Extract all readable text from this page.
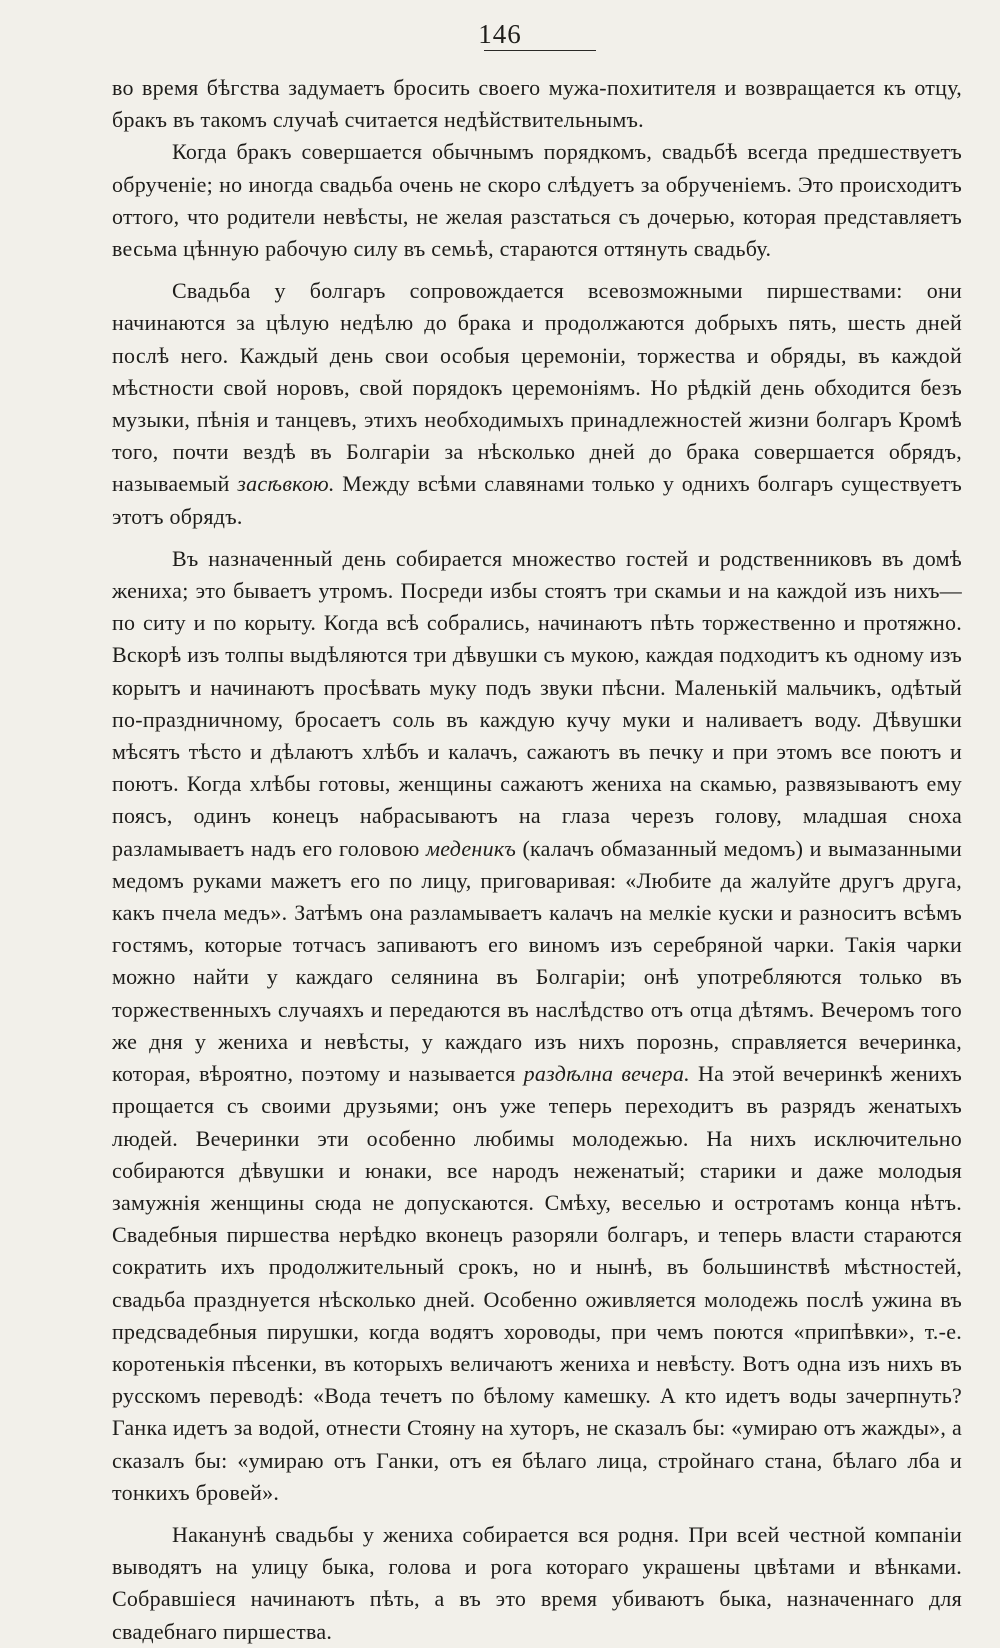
146

во время бѣгства задумаетъ бросить своего мужа-похитителя и возвращается къ отцу, бракъ въ такомъ случаѣ считается недѣйствительнымъ.

Когда бракъ совершается обычнымъ порядкомъ, свадьбѣ всегда предшествуетъ обрученіе; но иногда свадьба очень не скоро слѣдуетъ за обрученіемъ. Это происходитъ оттого, что родители невѣсты, не желая разстаться съ дочерью, которая представляетъ весьма цѣнную рабочую силу въ семьѣ, стараются оттянуть свадьбу.

Свадьба у болгаръ сопровождается всевозможными пиршествами: они начинаются за цѣлую недѣлю до брака и продолжаются добрыхъ пять, шесть дней послѣ него. Каждый день свои особыя церемоніи, торжества и обряды, въ каждой мѣстности свой норовъ, свой порядокъ церемоніямъ. Но рѣдкій день обходится безъ музыки, пѣнія и танцевъ, этихъ необходимыхъ принадлежностей жизни болгаръ Кромѣ того, почти вездѣ въ Болгаріи за нѣсколько дней до брака совершается обрядъ, называемый засѣвкою. Между всѣми славянами только у однихъ болгаръ существуетъ этотъ обрядъ.

Въ назначенный день собирается множество гостей и родственниковъ въ домѣ жениха; это бываетъ утромъ. Посреди избы стоятъ три скамьи и на каждой изъ нихъ—по ситу и по корыту. Когда всѣ собрались, начинаютъ пѣть торжественно и протяжно. Вскорѣ изъ толпы выдѣляются три дѣвушки съ мукою, каждая подходитъ къ одному изъ корытъ и начинаютъ просѣвать муку подъ звуки пѣсни. Маленькій мальчикъ, одѣтый по-праздничному, бросаетъ соль въ каждую кучу муки и наливаетъ воду. Дѣвушки мѣсятъ тѣсто и дѣлаютъ хлѣбъ и калачъ, сажаютъ въ печку и при этомъ все поютъ и поютъ. Когда хлѣбы готовы, женщины сажаютъ жениха на скамью, развязываютъ ему поясъ, одинъ конецъ набрасываютъ на глаза черезъ голову, младшая сноха разламываетъ надъ его головою меденикъ (калачъ обмазанный медомъ) и вымазанными медомъ руками мажетъ его по лицу, приговаривая: «Любите да жалуйте другъ друга, какъ пчела медъ». Затѣмъ она разламываетъ калачъ на мелкіе куски и разноситъ всѣмъ гостямъ, которые тотчасъ запиваютъ его виномъ изъ серебряной чарки. Такія чарки можно найти у каждаго селянина въ Болгаріи; онѣ употребляются только въ торжественныхъ случаяхъ и передаются въ наслѣдство отъ отца дѣтямъ. Вечеромъ того же дня у жениха и невѣсты, у каждаго изъ нихъ порознь, справляется вечеринка, которая, вѣроятно, поэтому и называется раздѣлна вечера. На этой вечеринкѣ женихъ прощается съ своими друзьями; онъ уже теперь переходитъ въ разрядъ женатыхъ людей. Вечеринки эти особенно любимы молодежью. На нихъ исключительно собираются дѣвушки и юнаки, все народъ неженатый; старики и даже молодыя замужнія женщины сюда не допускаются. Смѣху, веселью и остротамъ конца нѣтъ. Свадебныя пиршества нерѣдко вконецъ разоряли болгаръ, и теперь власти стараются сократить ихъ продолжительный срокъ, но и нынѣ, въ большинствѣ мѣстностей, свадьба празднуется нѣсколько дней. Особенно оживляется молодежь послѣ ужина въ предсвадебныя пирушки, когда водятъ хороводы, при чемъ поются «припѣвки», т.-е. коротенькія пѣсенки, въ которыхъ величаютъ жениха и невѣсту. Вотъ одна изъ нихъ въ русскомъ переводѣ: «Вода течетъ по бѣлому камешку. А кто идетъ воды зачерпнуть? Ганка идетъ за водой, отнести Стояну на хуторъ, не сказалъ бы: «умираю отъ жажды», а сказалъ бы: «умираю отъ Ганки, отъ ея бѣлаго лица, стройнаго стана, бѣлаго лба и тонкихъ бровей».

Наканунѣ свадьбы у жениха собирается вся родня. При всей честной компаніи выводятъ на улицу быка, голова и рога котораго украшены цвѣтами и вѣнками. Собравшіеся начинаютъ пѣть, а въ это время убиваютъ быка, назначеннаго для свадебнаго пиршества.
